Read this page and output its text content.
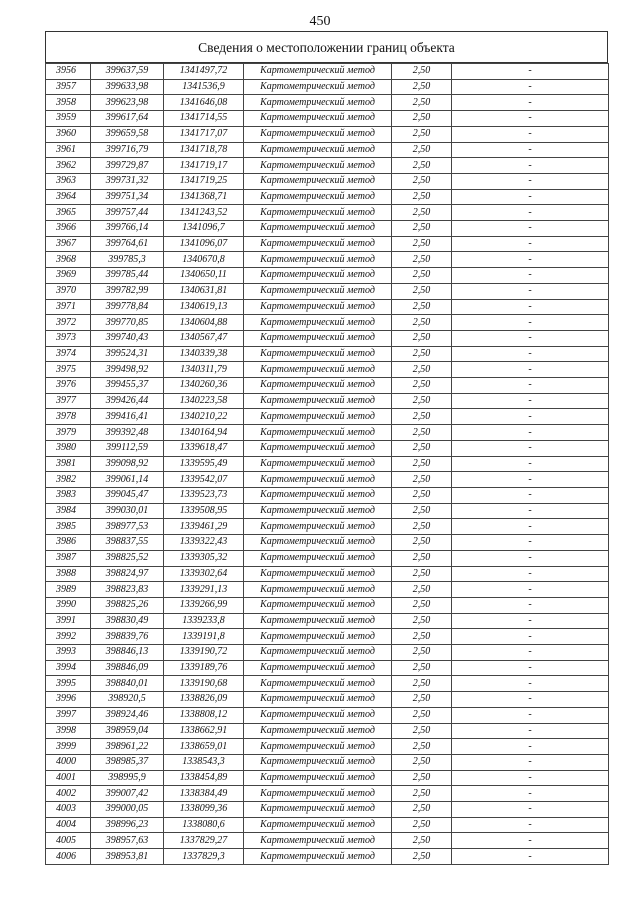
450
Сведения о местоположении границ объекта
3956	399637,59	1341497,72	Картометрический метод	2,50	-
3957	399633,98	1341536,9	Картометрический метод	2,50	-
3958	399623,98	1341646,08	Картометрический метод	2,50	-
3959	399617,64	1341714,55	Картометрический метод	2,50	-
3960	399659,58	1341717,07	Картометрический метод	2,50	-
3961	399716,79	1341718,78	Картометрический метод	2,50	-
3962	399729,87	1341719,17	Картометрический метод	2,50	-
3963	399731,32	1341719,25	Картометрический метод	2,50	-
3964	399751,34	1341368,71	Картометрический метод	2,50	-
3965	399757,44	1341243,52	Картометрический метод	2,50	-
3966	399766,14	1341096,7	Картометрический метод	2,50	-
3967	399764,61	1341096,07	Картометрический метод	2,50	-
3968	399785,3	1340670,8	Картометрический метод	2,50	-
3969	399785,44	1340650,11	Картометрический метод	2,50	-
3970	399782,99	1340631,81	Картометрический метод	2,50	-
3971	399778,84	1340619,13	Картометрический метод	2,50	-
3972	399770,85	1340604,88	Картометрический метод	2,50	-
3973	399740,43	1340567,47	Картометрический метод	2,50	-
3974	399524,31	1340339,38	Картометрический метод	2,50	-
3975	399498,92	1340311,79	Картометрический метод	2,50	-
3976	399455,37	1340260,36	Картометрический метод	2,50	-
3977	399426,44	1340223,58	Картометрический метод	2,50	-
3978	399416,41	1340210,22	Картометрический метод	2,50	-
3979	399392,48	1340164,94	Картометрический метод	2,50	-
3980	399112,59	1339618,47	Картометрический метод	2,50	-
3981	399098,92	1339595,49	Картометрический метод	2,50	-
3982	399061,14	1339542,07	Картометрический метод	2,50	-
3983	399045,47	1339523,73	Картометрический метод	2,50	-
3984	399030,01	1339508,95	Картометрический метод	2,50	-
3985	398977,53	1339461,29	Картометрический метод	2,50	-
3986	398837,55	1339322,43	Картометрический метод	2,50	-
3987	398825,52	1339305,32	Картометрический метод	2,50	-
3988	398824,97	1339302,64	Картометрический метод	2,50	-
3989	398823,83	1339291,13	Картометрический метод	2,50	-
3990	398825,26	1339266,99	Картометрический метод	2,50	-
3991	398830,49	1339233,8	Картометрический метод	2,50	-
3992	398839,76	1339191,8	Картометрический метод	2,50	-
3993	398846,13	1339190,72	Картометрический метод	2,50	-
3994	398846,09	1339189,76	Картометрический метод	2,50	-
3995	398840,01	1339190,68	Картометрический метод	2,50	-
3996	398920,5	1338826,09	Картометрический метод	2,50	-
3997	398924,46	1338808,12	Картометрический метод	2,50	-
3998	398959,04	1338662,91	Картометрический метод	2,50	-
3999	398961,22	1338659,01	Картометрический метод	2,50	-
4000	398985,37	1338543,3	Картометрический метод	2,50	-
4001	398995,9	1338454,89	Картометрический метод	2,50	-
4002	399007,42	1338384,49	Картометрический метод	2,50	-
4003	399000,05	1338099,36	Картометрический метод	2,50	-
4004	398996,23	1338080,6	Картометрический метод	2,50	-
4005	398957,63	1337829,27	Картометрический метод	2,50	-
4006	398953,81	1337829,3	Картометрический метод	2,50	-
